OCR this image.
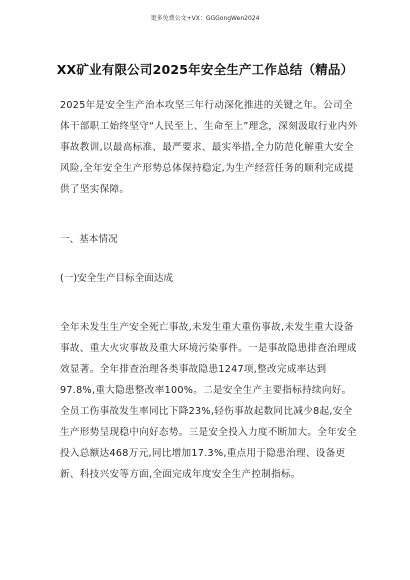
更多免费公文+VX：GGGongWen2024
XX矿业有限公司2025年安全生产工作总结（精品）
2025年是安全生产治本攻坚三年行动深化推进的关键之年。公司全体干部职工始终坚守“人民至上、生命至上”理念，深刻汲取行业内外事故教训,以最高标准、最严要求、最实举措,全力防范化解重大安全风险,全年安全生产形势总体保持稳定,为生产经营任务的顺利完成提供了坚实保障。
一、基本情况
(一)安全生产目标全面达成
全年未发生生产安全死亡事故,未发生重大重伤事故,未发生重大设备事故、重大火灾事故及重大环境污染事件。一是事故隐患排查治理成效显著。全年排查治理各类事故隐患1247项,整改完成率达到97.8%,重大隐患整改率100%。二是安全生产主要指标持续向好。全员工伤事故发生率同比下降23%,轻伤事故起数同比减少8起,安全生产形势呈现稳中向好态势。三是安全投入力度不断加大。全年安全投入总额达468万元,同比增加17.3%,重点用于隐患治理、设备更新、科技兴安等方面,全面完成年度安全生产控制指标。
